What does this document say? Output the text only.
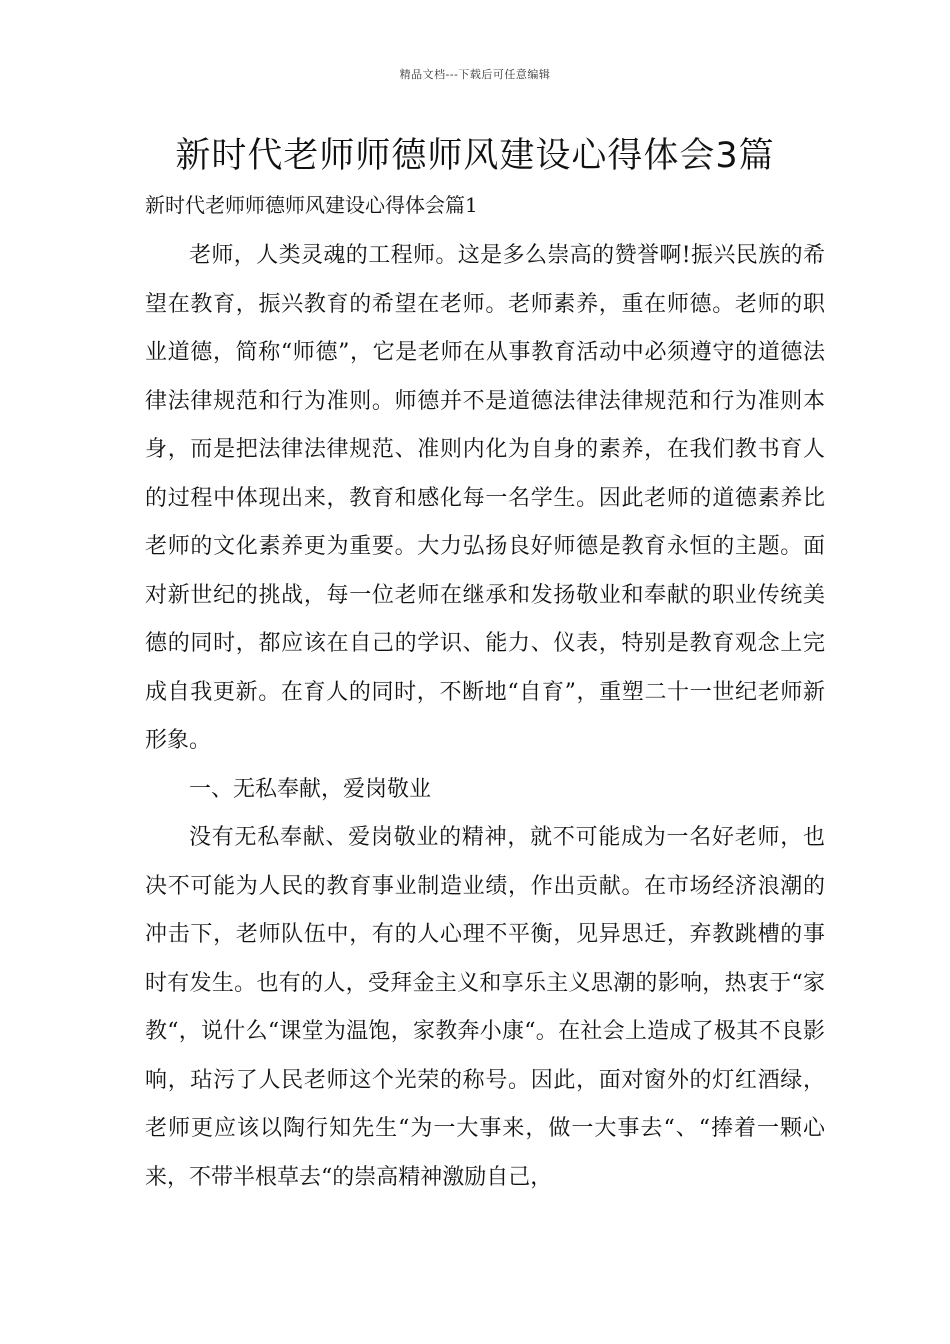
精品文档---下载后可任意编辑
新时代老师师德师风建设心得体会3篇
新时代老师师德师风建设心得体会篇1

老师，人类灵魂的工程师。这是多么崇高的赞誉啊!振兴民族的希望在教育，振兴教育的希望在老师。老师素养，重在师德。老师的职业道德，简称“师德”，它是老师在从事教育活动中必须遵守的道德法律法律规范和行为准则。师德并不是道德法律法律规范和行为准则本身，而是把法律法律规范、准则内化为自身的素养，在我们教书育人的过程中体现出来，教育和感化每一名学生。因此老师的道德素养比老师的文化素养更为重要。大力弘扬良好师德是教育永恒的主题。面对新世纪的挑战，每一位老师在继承和发扬敬业和奉献的职业传统美德的同时，都应该在自己的学识、能力、仪表，特别是教育观念上完成自我更新。在育人的同时，不断地“自育”，重塑二十一世纪老师新形象。

一、无私奉献，爱岗敬业

没有无私奉献、爱岗敬业的精神，就不可能成为一名好老师，也决不可能为人民的教育事业制造业绩，作出贡献。在市场经济浪潮的冲击下，老师队伍中，有的人心理不平衡，见异思迁，弃教跳槽的事时有发生。也有的人，受拜金主义和享乐主义思潮的影响，热衷于“家教“，说什么“课堂为温饱，家教奔小康“。在社会上造成了极其不良影响，玷污了人民老师这个光荣的称号。因此，面对窗外的灯红酒绿，老师更应该以陶行知先生“为一大事来，做一大事去“、“捧着一颗心来，不带半根草去“的崇高精神激励自己，
